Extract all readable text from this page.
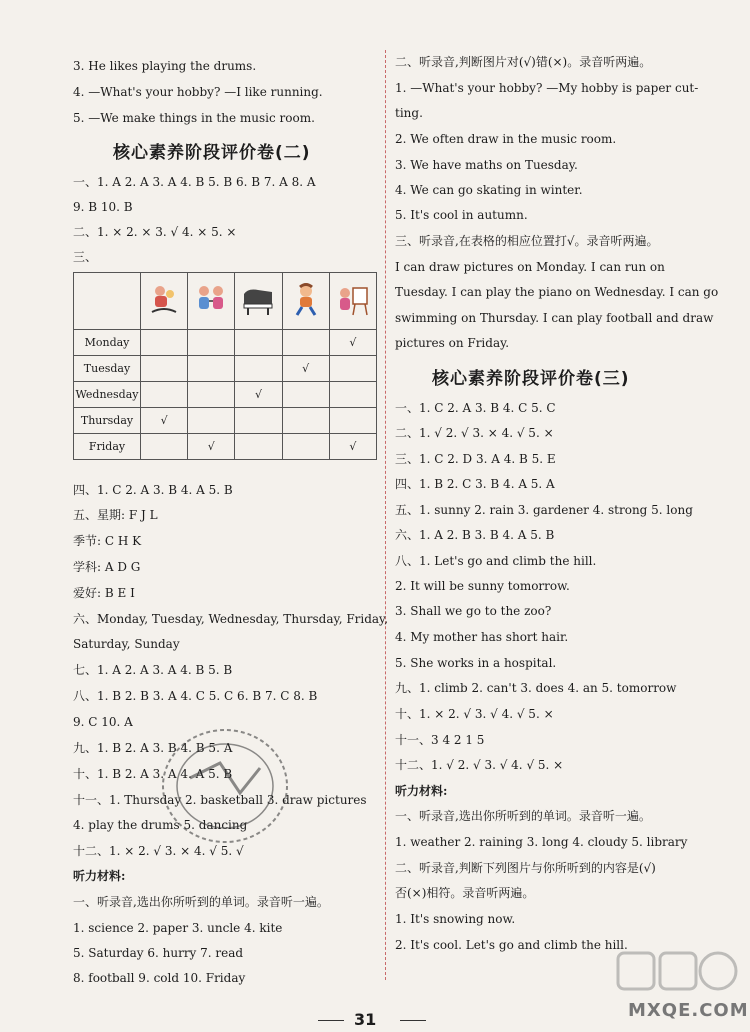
3. He likes playing the drums.
4. —What's your hobby? —I like running.
5. —We make things in the music room.
核心素养阶段评价卷(二)
一、1. A 2. A 3. A 4. B 5. B 6. B 7. A 8. A
9. B 10. B
二、1. × 2. × 3. √ 4. × 5. ×
三、

Monday					√
Tuesday				√	
Wednesday			√		
Thursday	√				
Friday		√			√
四、1. C 2. A 3. B 4. A 5. B
五、星期: F J L
季节: C H K
学科: A D G
爱好: B E I
六、Monday, Tuesday, Wednesday, Thursday, Friday,
Saturday, Sunday
七、1. A 2. A 3. A 4. B 5. B
八、1. B 2. B 3. A 4. C 5. C 6. B 7. C 8. B
9. C 10. A
九、1. B 2. A 3. B 4. B 5. A
十、1. B 2. A 3. A 4. A 5. B
十一、1. Thursday 2. basketball 3. draw pictures
4. play the drums 5. dancing
十二、1. × 2. √ 3. × 4. √ 5. √
听力材料:
一、听录音,选出你所听到的单词。录音听一遍。
1. science 2. paper 3. uncle 4. kite
5. Saturday 6. hurry 7. read
8. football 9. cold 10. Friday
二、听录音,判断图片对(√)错(×)。录音听两遍。
1. —What's your hobby? —My hobby is paper cut-
ting.
2. We often draw in the music room.
3. We have maths on Tuesday.
4. We can go skating in winter.
5. It's cool in autumn.
三、听录音,在表格的相应位置打√。录音听两遍。
I can draw pictures on Monday. I can run on
Tuesday. I can play the piano on Wednesday. I can go
swimming on Thursday. I can play football and draw
pictures on Friday.
核心素养阶段评价卷(三)
一、1. C 2. A 3. B 4. C 5. C
二、1. √ 2. √ 3. × 4. √ 5. ×
三、1. C 2. D 3. A 4. B 5. E
四、1. B 2. C 3. B 4. A 5. A
五、1. sunny 2. rain 3. gardener 4. strong 5. long
六、1. A 2. B 3. B 4. A 5. B
八、1. Let's go and climb the hill.
2. It will be sunny tomorrow.
3. Shall we go to the zoo?
4. My mother has short hair.
5. She works in a hospital.
九、1. climb 2. can't 3. does 4. an 5. tomorrow
十、1. × 2. √ 3. √ 4. √ 5. ×
十一、3 4 2 1 5
十二、1. √ 2. √ 3. √ 4. √ 5. ×
听力材料:
一、听录音,选出你所听到的单词。录音听一遍。
1. weather 2. raining 3. long 4. cloudy 5. library
二、听录音,判断下列图片与你所听到的内容是(√)
否(×)相符。录音听两遍。
1. It's snowing now.
2. It's cool. Let's go and climb the hill.
31	MXQE.COM
